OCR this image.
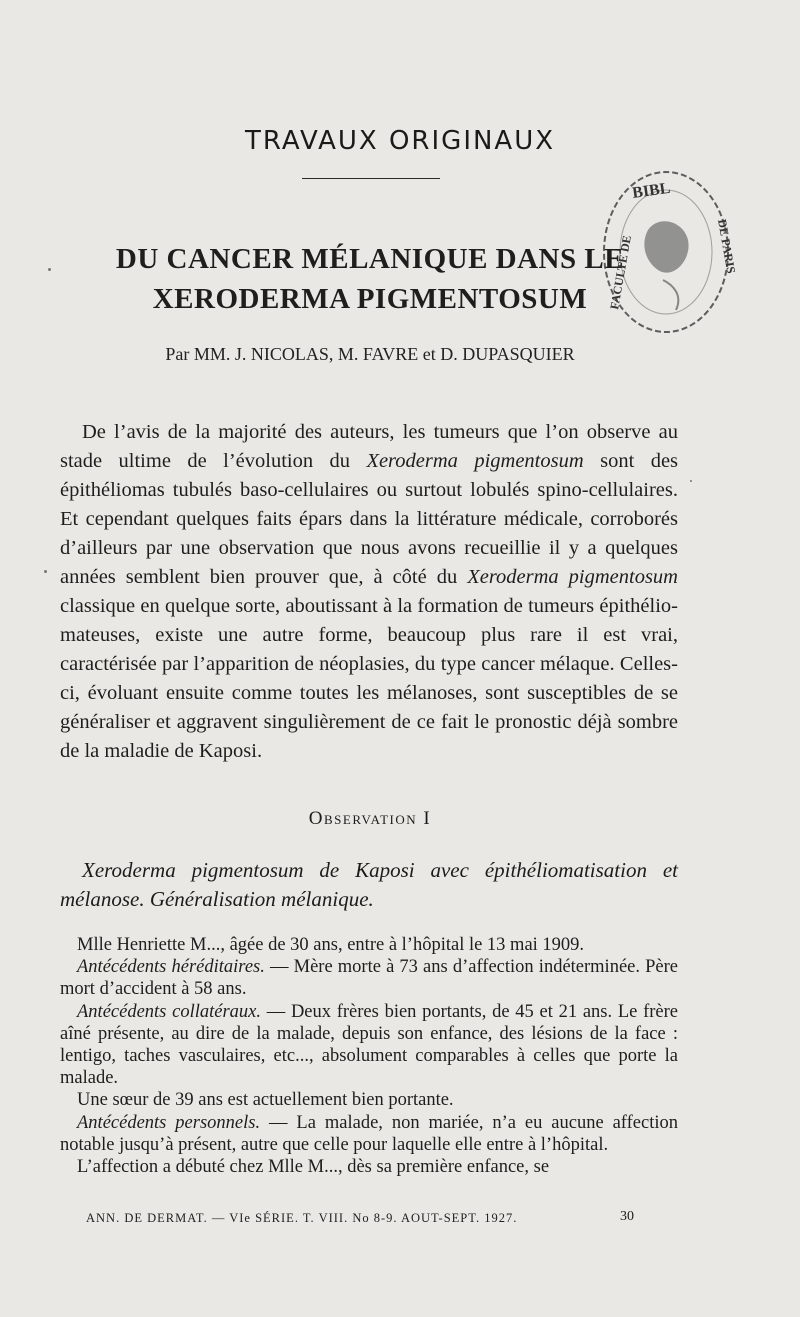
TRAVAUX ORIGINAUX
DU CANCER MÉLANIQUE DANS LE
XERODERMA PIGMENTOSUM
BIBL
FACULTÉ DE	DE PARIS
Par MM. J. NICOLAS, M. FAVRE et D. DUPASQUIER

De l’avis de la majorité des auteurs, les tumeurs que l’on observe au stade ultime de l’évolution du Xeroderma pigmentosum sont des épithéliomas tubulés baso-cellulaires ou surtout lobulés spino-cellulaires. Et cependant quelques faits épars dans la littérature médicale, corroborés d’ailleurs par une observation que nous avons recueillie il y a quelques années semblent bien prouver que, à côté du Xeroderma pigmentosum classique en quelque sorte, aboutissant à la formation de tumeurs épithéliomateuses, existe une autre forme, beaucoup plus rare il est vrai, caractérisée par l’apparition de néoplasies, du type cancer mélaque. Celles-ci, évoluant ensuite comme toutes les mélanoses, sont susceptibles de se généraliser et aggravent singulièrement de ce fait le pronostic déjà sombre de la maladie de Kaposi.

Observation I
Xeroderma pigmentosum de Kaposi avec épithéliomatisation et mélanose. Généralisation mélanique.

Mlle Henriette M..., âgée de 30 ans, entre à l’hôpital le 13 mai 1909.

Antécédents héréditaires. — Mère morte à 73 ans d’affection indéterminée. Père mort d’accident à 58 ans.

Antécédents collatéraux. — Deux frères bien portants, de 45 et 21 ans. Le frère aîné présente, au dire de la malade, depuis son enfance, des lésions de la face : lentigo, taches vasculaires, etc..., absolument comparables à celles que porte la malade.

Une sœur de 39 ans est actuellement bien portante.

Antécédents personnels. — La malade, non mariée, n’a eu aucune affection notable jusqu’à présent, autre que celle pour laquelle elle entre à l’hôpital.

L’affection a débuté chez Mlle M..., dès sa première enfance, se

ANN. DE DERMAT. — VIe SÉRIE. T. VIII. No 8-9. AOUT-SEPT. 1927.	30
